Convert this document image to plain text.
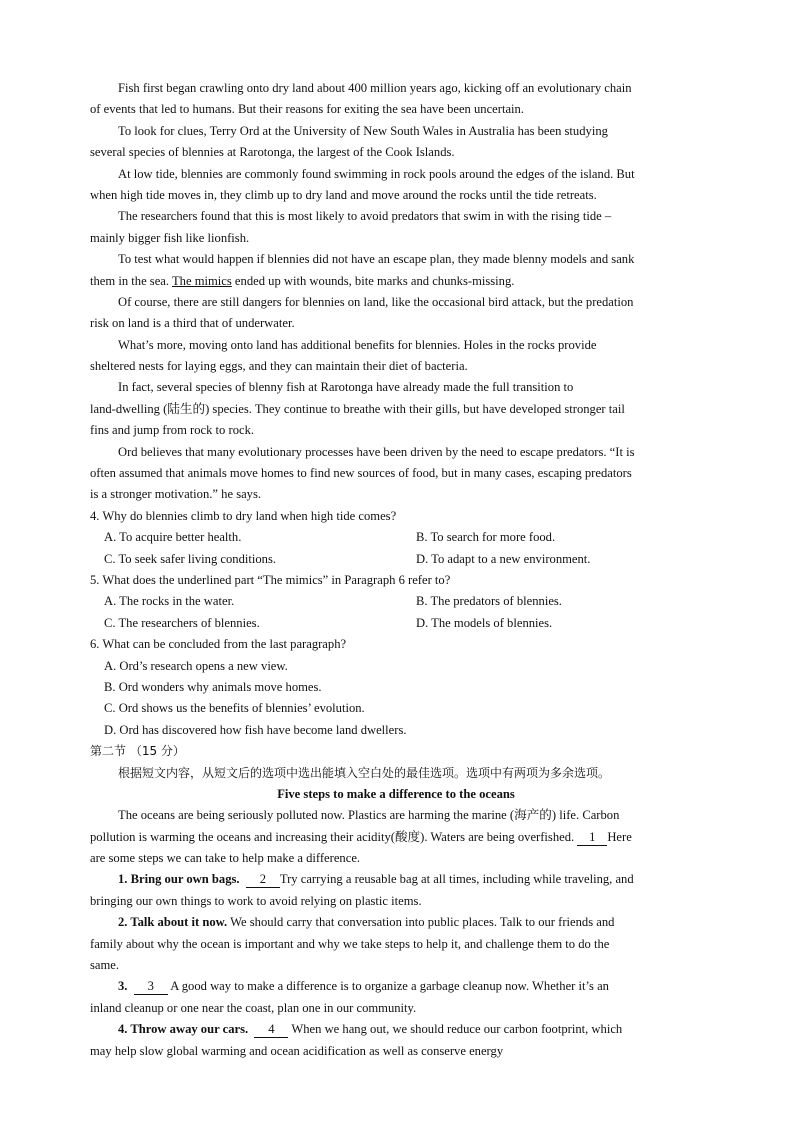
Fish first began crawling onto dry land about 400 million years ago, kicking off an evolutionary chain
of events that led to humans. But their reasons for exiting the sea have been uncertain.
To look for clues, Terry Ord at the University of New South Wales in Australia has been studying
several species of blennies at Rarotonga, the largest of the Cook Islands.
At low tide, blennies are commonly found swimming in rock pools around the edges of the island. But
when high tide moves in, they climb up to dry land and move around the rocks until the tide retreats.
The researchers found that this is most likely to avoid predators that swim in with the rising tide –
mainly bigger fish like lionfish.
To test what would happen if blennies did not have an escape plan, they made blenny models and sank
them in the sea. The mimics ended up with wounds, bite marks and chunks-missing.
Of course, there are still dangers for blennies on land, like the occasional bird attack, but the predation
risk on land is a third that of underwater.
What’s more, moving onto land has additional benefits for blennies. Holes in the rocks provide
sheltered nests for laying eggs, and they can maintain their diet of bacteria.
In fact, several species of blenny fish at Rarotonga have already made the full transition to
land-dwelling (陆生的) species. They continue to breathe with their gills, but have developed stronger tail
fins and jump from rock to rock.
Ord believes that many evolutionary processes have been driven by the need to escape predators. “It is
often assumed that animals move homes to find new sources of food, but in many cases, escaping predators
is a stronger motivation.” he says.
4. Why do blennies climb to dry land when high tide comes?
A. To acquire better health.	B. To search for more food.
C. To seek safer living conditions.	D. To adapt to a new environment.
5. What does the underlined part “The mimics” in Paragraph 6 refer to?
A. The rocks in the water.	B. The predators of blennies.
C. The researchers of blennies.	D. The models of blennies.
6. What can be concluded from the last paragraph?
A. Ord’s research opens a new view.
B. Ord wonders why animals move homes.
C. Ord shows us the benefits of blennies’ evolution.
D. Ord has discovered how fish have become land dwellers.
第二节 （15 分）
根据短文内容，从短文后的选项中选出能填入空白处的最佳选项。选项中有两项为多余选项。
Five steps to make a difference to the oceans
The oceans are being seriously polluted now. Plastics are harming the marine (海产的) life. Carbon
pollution is warming the oceans and increasing their acidity(酸度). Waters are being overfished. 1 Here
are some steps we can take to help make a difference.
1. Bring our own bags. 2 Try carrying a reusable bag at all times, including while traveling, and
bringing our own things to work to avoid relying on plastic items.
2. Talk about it now. We should carry that conversation into public places. Talk to our friends and
family about why the ocean is important and why we take steps to help it, and challenge them to do the
same.
3. 3 A good way to make a difference is to organize a garbage cleanup now. Whether it’s an
inland cleanup or one near the coast, plan one in our community.
4. Throw away our cars. 4 When we hang out, we should reduce our carbon footprint, which
may help slow global warming and ocean acidification as well as conserve energy
